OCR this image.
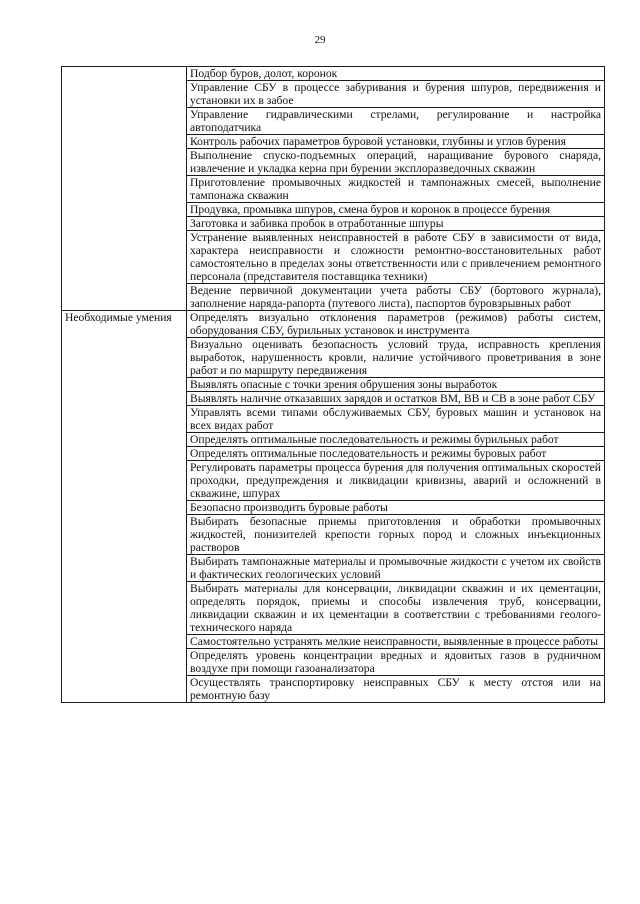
29
	Подбор буров, долот, коронок
	Управление СБУ в процессе забуривания и бурения шпуров, передвижения и установки их в забое
	Управление гидравлическими стрелами, регулирование и настройка автоподатчика
	Контроль рабочих параметров буровой установки, глубины и углов бурения
	Выполнение спуско-подъемных операций, наращивание бурового снаряда, извлечение и укладка керна при бурении эксплоразведочных скважин
	Приготовление промывочных жидкостей и тампонажных смесей, выполнение тампонажа скважин
	Продувка, промывка шпуров, смена буров и коронок в процессе бурения
	Заготовка и забивка пробок в отработанные шпуры
	Устранение выявленных неисправностей в работе СБУ в зависимости от вида, характера неисправности и сложности ремонтно-восстановительных работ самостоятельно в пределах зоны ответственности или с привлечением ремонтного персонала (представителя поставщика техники)
	Ведение первичной документации учета работы СБУ (бортового журнала), заполнение наряда-рапорта (путевого листа), паспортов буровзрывных работ
Необходимые умения	Определять визуально отклонения параметров (режимов) работы систем, оборудования СБУ, бурильных установок и инструмента
	Визуально оценивать безопасность условий труда, исправность крепления выработок, нарушенность кровли, наличие устойчивого проветривания в зоне работ и по маршруту передвижения
	Выявлять опасные с точки зрения обрушения зоны выработок
	Выявлять наличие отказавших зарядов и остатков ВМ, ВВ и СВ в зоне работ СБУ
	Управлять всеми типами обслуживаемых СБУ, буровых машин и установок на всех видах работ
	Определять оптимальные последовательность и режимы бурильных работ
	Определять оптимальные последовательность и режимы буровых работ
	Регулировать параметры процесса бурения для получения оптимальных скоростей проходки, предупреждения и ликвидации кривизны, аварий и осложнений в скважине, шпурах
	Безопасно производить буровые работы
	Выбирать безопасные приемы приготовления и обработки промывочных жидкостей, понизителей крепости горных пород и сложных инъекционных растворов
	Выбирать тампонажные материалы и промывочные жидкости с учетом их свойств и фактических геологических условий
	Выбирать материалы для консервации, ликвидации скважин и их цементации, определять порядок, приемы и способы извлечения труб, консервации, ликвидации скважин и их цементации в соответствии с требованиями геолого-технического наряда
	Самостоятельно устранять мелкие неисправности, выявленные в процессе работы
	Определять уровень концентрации вредных и ядовитых газов в рудничном воздухе при помощи газоанализатора
	Осуществлять транспортировку неисправных СБУ к месту отстоя или на ремонтную базу
